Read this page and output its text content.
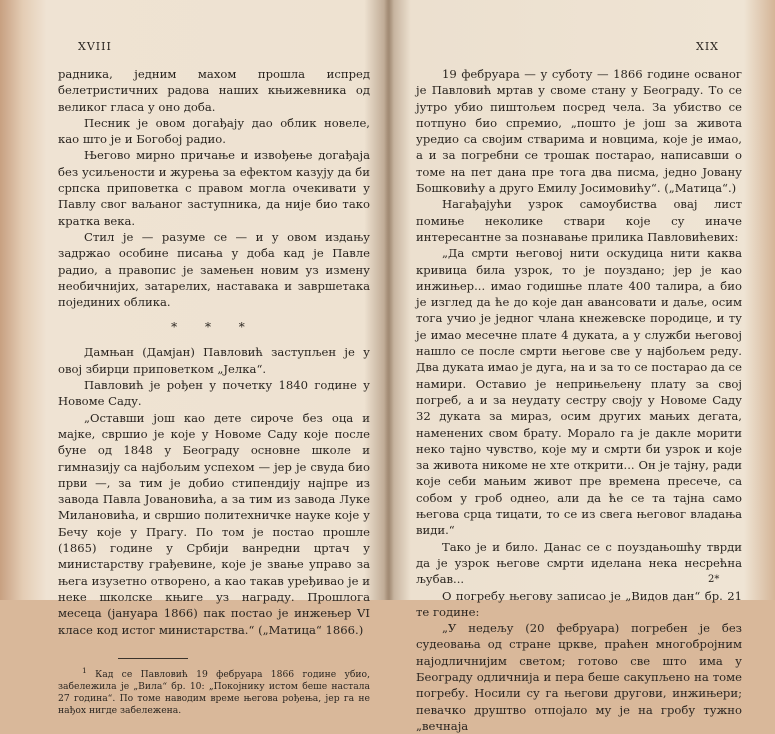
XVIII	XIX

радника, једним махом прошла испред белетристичних радова наших књижевника од великог гласа у оно доба.

Песник је овом догађају дао облик новеле, као што је и Богобој радио.

Његово мирно причање и извођење догађаја без усиљености и журења за ефектом казују да би српска приповетка с правом могла очекивати у Павлу свог ваљаног заступника, да није био тако кратка века.

Стил је — разуме се — и у овом издању задржао особине писања у доба кад је Павле радио, а правопис је замењен новим уз измену необичнијих, затарелих, наставака и завршетака појединих облика.

* * *

Дамњан (Дамјан) Павловић заступљен је у овој збирци приповетком „Јелка“.

Павловић је рођен у почетку 1840 године у Новоме Саду.

„Оставши још као дете сироче без оца и мајке, свршио је које у Новоме Саду које после буне од 1848 у Београду основне школе и гимназију са најбољим успехом — јер је свуда био први —, за тим је добио стипендију најпре из завода Павла Јовановића, а за тим из завода Луке Милановића, и свршио политехничке науке које у Бечу које у Прагу. По том је постао прошле (1865) године у Србији ванредни цртач у министарству грађевине, које је звање управо за њега изузетно отворено, а као такав уређивао је и неке школске књиге уз награду. Прошлога месеца (јануара 1866) пак постао је инжењер VI класе код истог министарства.“ („Матица“ 1866.)

$^1$ Кад се Павловић 19 фебруара 1866 године убио, забележила је „Вила“ бр. 10: „Покојнику истом беше настала 27 година“. По томе наводим време његова рођења, јер га не нађох нигде забележена.

19 фебруара — у суботу — 1866 године осваног је Павловић мртав у своме стану у Београду. То се јутро убио пиштољем посред чела. За убиство се потпуно био спремио, „пошто је још за живота уредио са својим стварима и новцима, које је имао, а и за погребни се трошак постарао, написавши о томе на пет дана пре тога два писма, једно Јовану Бошковићу а друго Емилу Јосимовићу“. („Матица“.)

Нагађајући узрок самоубиства овај лист помиње неколике ствари које су иначе интересантне за познавање прилика Павловићевих:

„Да смрти његовој нити оскудица нити каква кривица била узрок, то је поуздано; јер је као инжињер... имао годишње плате 400 талира, а био је изглед да ће до које дан авансовати и даље, осим тога учио је једног члана кнежевске породице, и ту је имао месечне плате 4 дуката, а у служби његовој нашло се после смрти његове све у најбољем реду. Два дуката имао је дуга, на и за то се постарао да се намири. Оставио је неприњељену плату за свој погреб, а и за неудату сестру своју у Новоме Саду 32 дуката за мираз, осим других мањих дегата, наменених свом брату. Морало га је дакле морити неко тајно чувство, које му и смрти би узрок и које за живота никоме не хте открити... Он је тајну, ради које себи мањим живот пре времена пресече, са собом у гроб однео, али да ће се та тајна само његова срца тицати, то се из свега његовог владања види.“

Тако је и било. Данас се с поуздањошћу тврди да је узрок његове смрти иделана нека несрећна љубав...

О погребу његову записао је „Видов дан“ бр. 21 те године:

„У недељу (20 фебруара) погребен је без судеовања од стране цркве, праћен многобројним најодличнијим светом; готово све што има у Београду одличнија и пера беше сакупљено на томе погребу. Носили су га његови другови, инжињери; певачко друштво отпојало му је на гробу тужно „вечнаја

2*
